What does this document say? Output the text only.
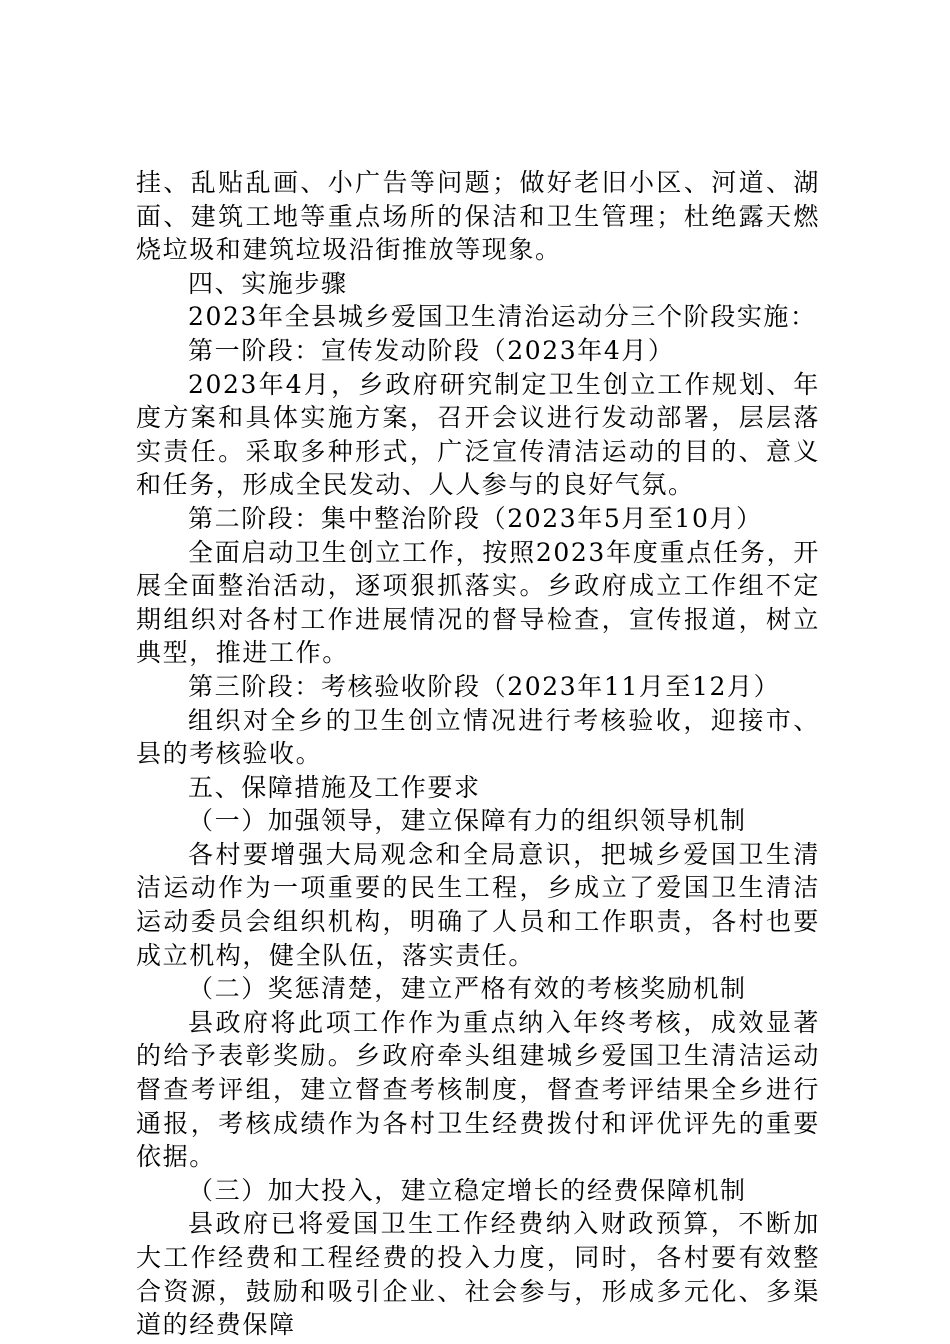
挂、乱贴乱画、小广告等问题；做好老旧小区、河道、湖面、建筑工地等重点场所的保洁和卫生管理；杜绝露天燃烧垃圾和建筑垃圾沿街推放等现象。

四、实施步骤

2023年全县城乡爱国卫生清治运动分三个阶段实施：

第一阶段：宣传发动阶段（2023年4月）

2023年4月，乡政府研究制定卫生创立工作规划、年度方案和具体实施方案，召开会议进行发动部署，层层落实责任。采取多种形式，广泛宣传清洁运动的目的、意义和任务，形成全民发动、人人参与的良好气氛。

第二阶段：集中整治阶段（2023年5月至10月）

全面启动卫生创立工作，按照2023年度重点任务，开展全面整治活动，逐项狠抓落实。乡政府成立工作组不定期组织对各村工作进展情况的督导检查，宣传报道，树立典型，推进工作。

第三阶段：考核验收阶段（2023年11月至12月）

组织对全乡的卫生创立情况进行考核验收，迎接市、县的考核验收。

五、保障措施及工作要求

（一）加强领导，建立保障有力的组织领导机制

各村要增强大局观念和全局意识，把城乡爱国卫生清洁运动作为一项重要的民生工程，乡成立了爱国卫生清洁运动委员会组织机构，明确了人员和工作职责，各村也要成立机构，健全队伍，落实责任。

（二）奖惩清楚，建立严格有效的考核奖励机制

县政府将此项工作作为重点纳入年终考核，成效显著的给予表彰奖励。乡政府牵头组建城乡爱国卫生清洁运动督查考评组，建立督查考核制度，督查考评结果全乡进行通报，考核成绩作为各村卫生经费拨付和评优评先的重要依据。

（三）加大投入，建立稳定增长的经费保障机制

县政府已将爱国卫生工作经费纳入财政预算，不断加大工作经费和工程经费的投入力度，同时，各村要有效整合资源，鼓励和吸引企业、社会参与，形成多元化、多渠道的经费保障
